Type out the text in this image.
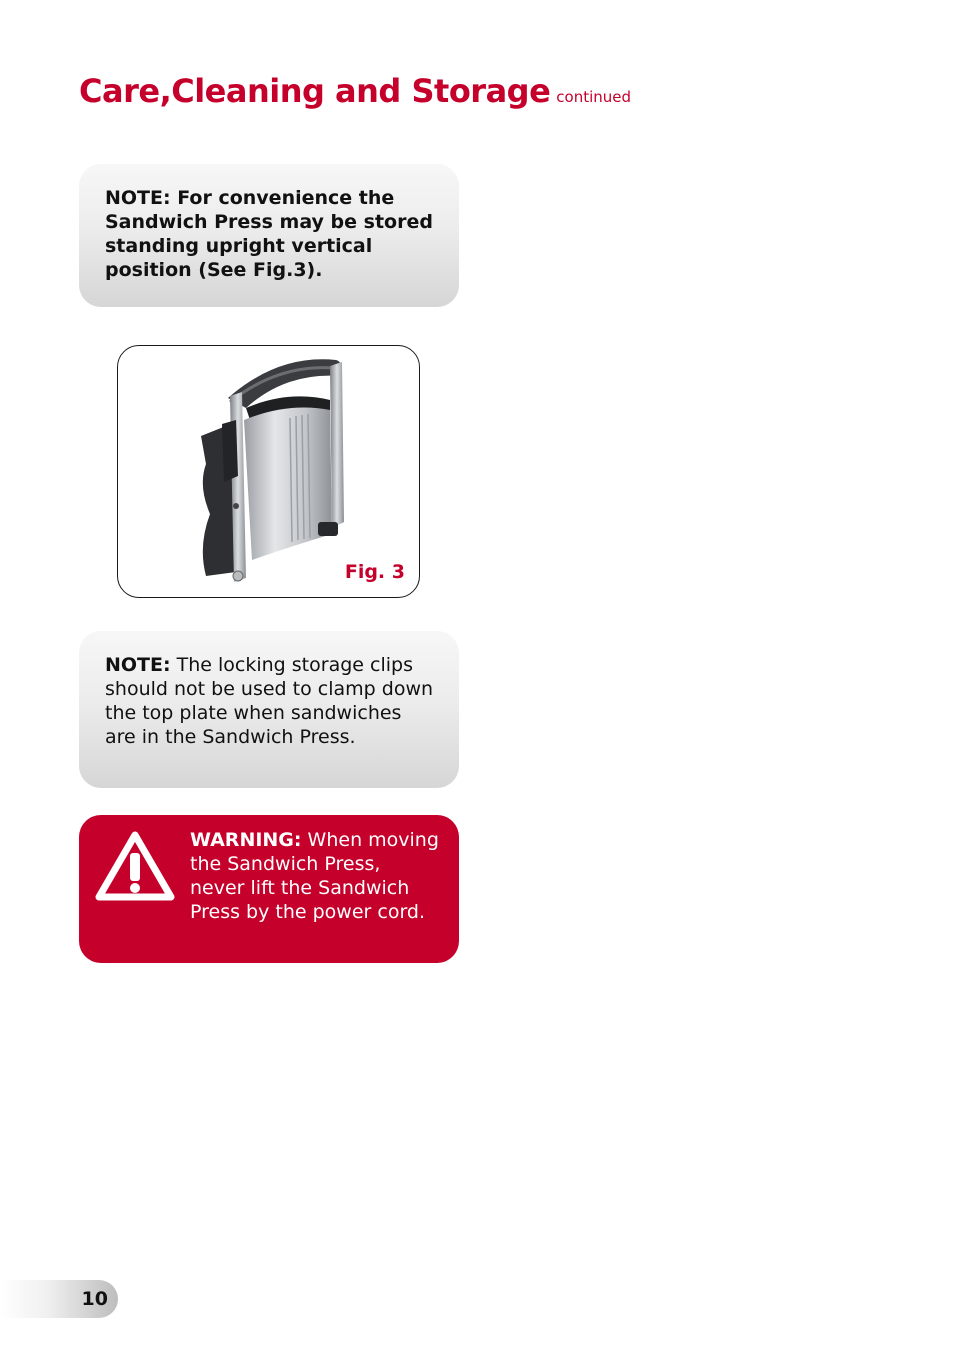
Care,Cleaning and Storage continued
NOTE: For convenience the Sandwich Press may be stored standing upright vertical position (See Fig.3).
Fig. 3
NOTE: The locking storage clips should not be used to clamp down the top plate when sandwiches are in the Sandwich Press.
WARNING: When moving the Sandwich Press, never lift the Sandwich Press by the power cord.
10
